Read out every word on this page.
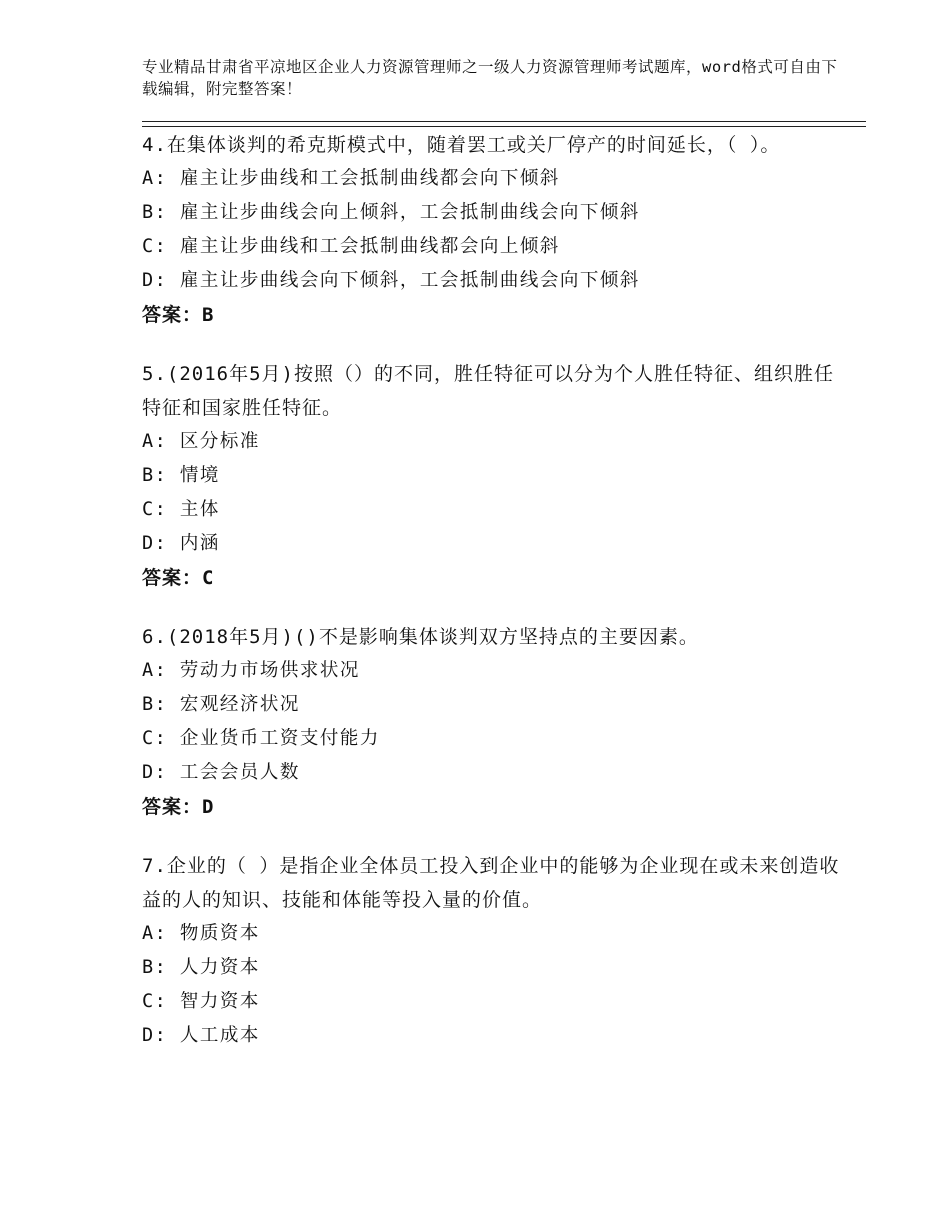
专业精品甘肃省平凉地区企业人力资源管理师之一级人力资源管理师考试题库，word格式可自由下载编辑，附完整答案！

4.在集体谈判的希克斯模式中，随着罢工或关厂停产的时间延长，（ ）。

A: 雇主让步曲线和工会抵制曲线都会向下倾斜

B: 雇主让步曲线会向上倾斜，工会抵制曲线会向下倾斜

C: 雇主让步曲线和工会抵制曲线都会向上倾斜

D: 雇主让步曲线会向下倾斜，工会抵制曲线会向下倾斜

答案：B

5.(2016年5月)按照（）的不同，胜任特征可以分为个人胜任特征、组织胜任特征和国家胜任特征。

A: 区分标准

B: 情境

C: 主体

D: 内涵

答案：C

6.(2018年5月)()不是影响集体谈判双方坚持点的主要因素。

A: 劳动力市场供求状况

B: 宏观经济状况

C: 企业货币工资支付能力

D: 工会会员人数

答案：D

7.企业的（ ）是指企业全体员工投入到企业中的能够为企业现在或未来创造收益的人的知识、技能和体能等投入量的价值。

A: 物质资本

B: 人力资本

C: 智力资本

D: 人工成本
